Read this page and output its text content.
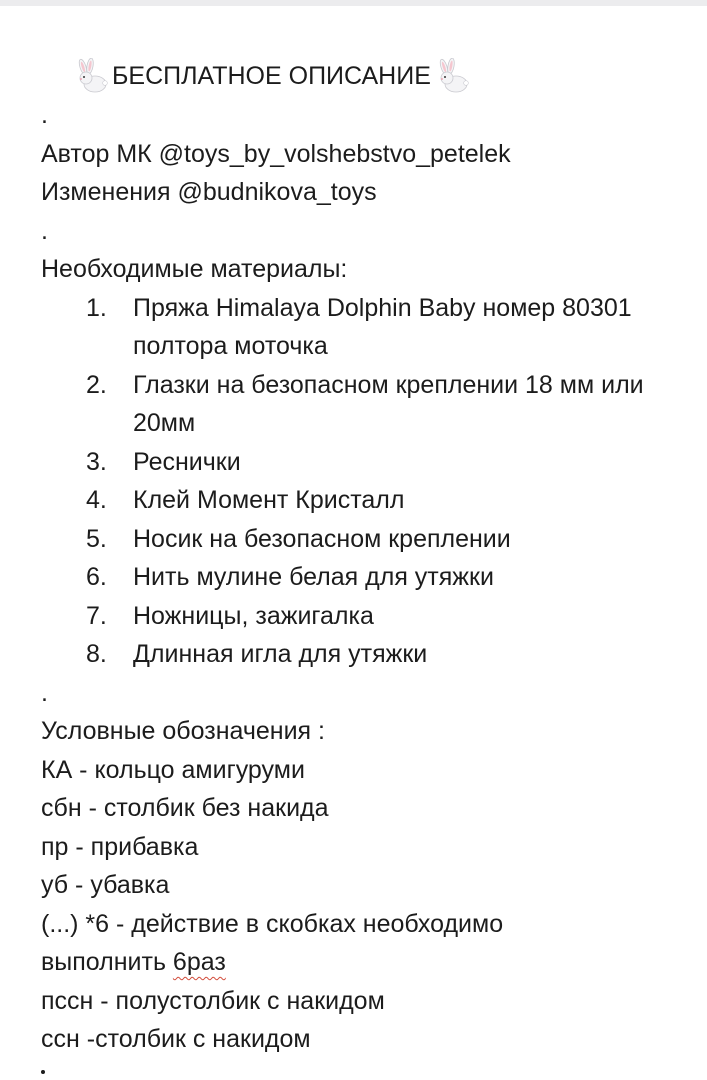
БЕСПЛАТНОЕ ОПИСАНИЕ
.
Автор МК @toys_by_volshebstvo_petelek
Изменения @budnikova_toys
.
Необходимые материалы:
1. Пряжа Himalaya Dolphin Baby номер 80301 полтора моточка
2. Глазки на безопасном креплении 18 мм или 20мм
3. Реснички
4. Клей Момент Кристалл
5. Носик на безопасном креплении
6. Нить мулине белая для утяжки
7. Ножницы, зажигалка
8. Длинная игла для утяжки
.
Условные обозначения :
КА - кольцо амигуруми
сбн - столбик без накида
пр - прибавка
уб - убавка
(...) *6 - действие в скобках необходимо
выполнить 6раз
пссн - полустолбик с накидом
ссн -столбик с накидом
